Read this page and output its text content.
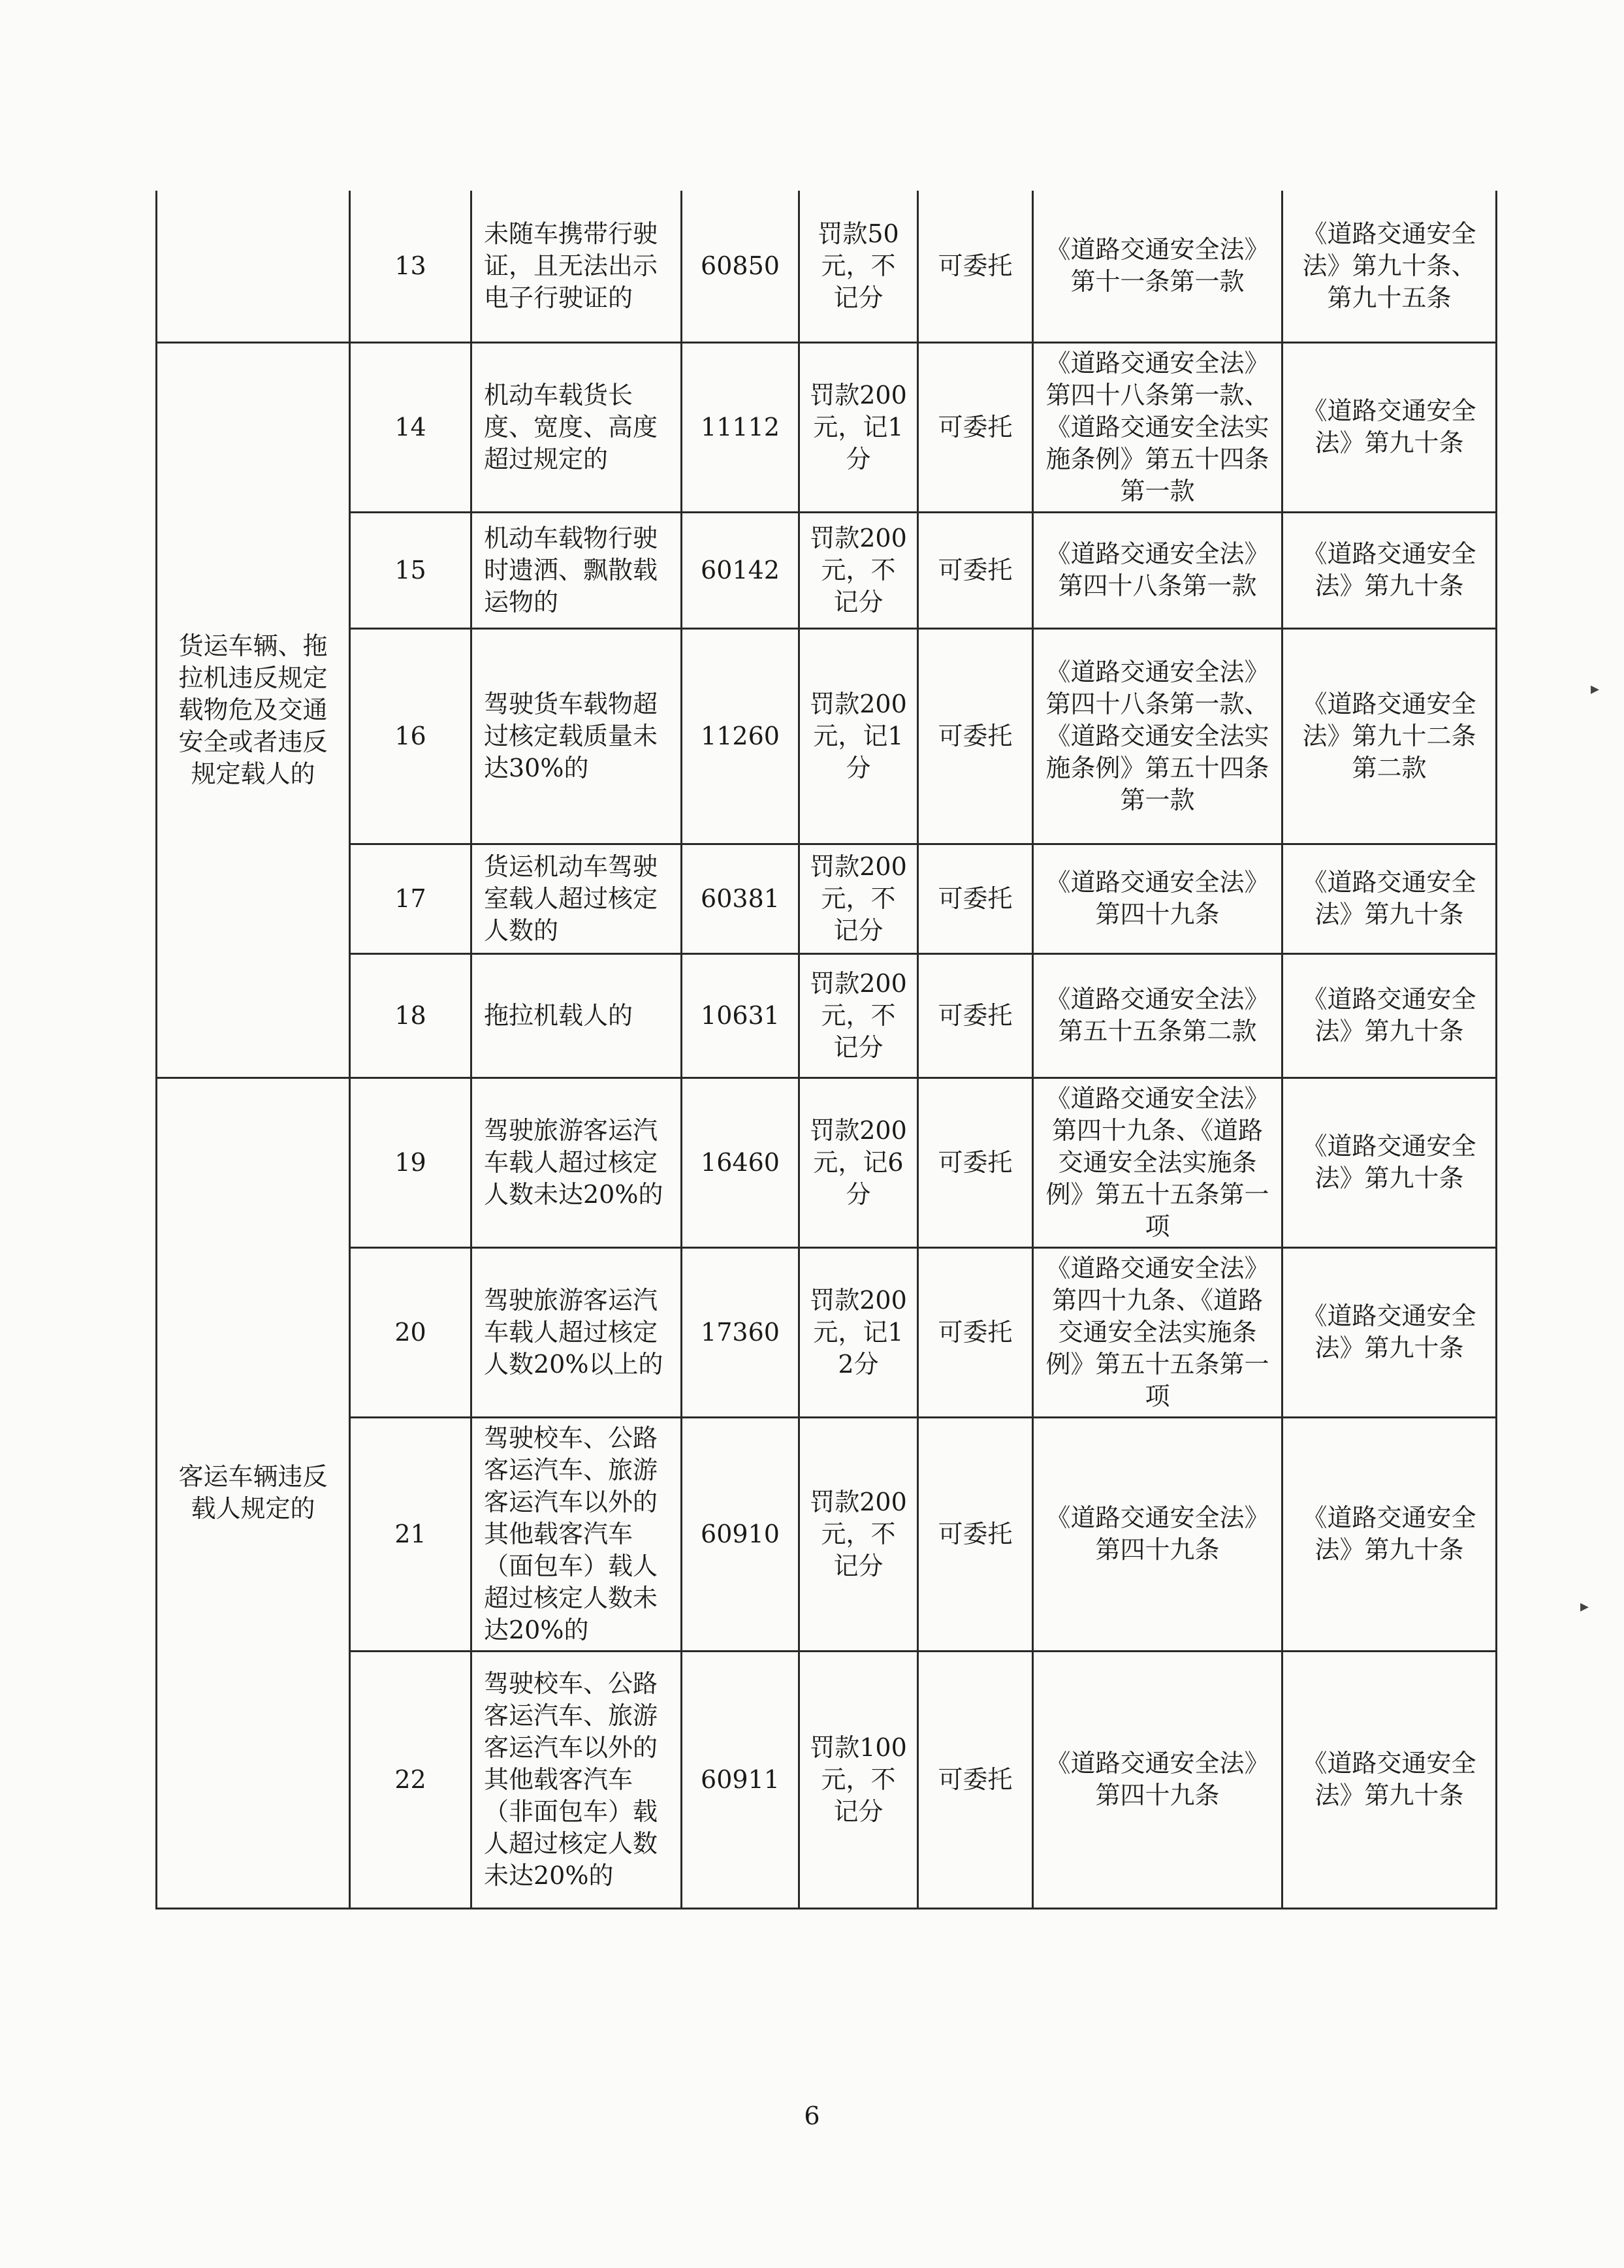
	13	未随车携带行驶证，且无法出示电子行驶证的	60850	罚款50元，不记分	可委托	《道路交通安全法》第十一条第一款	《道路交通安全法》第九十条、第九十五条
货运车辆、拖拉机违反规定载物危及交通安全或者违反规定载人的	14	机动车载货长度、宽度、高度超过规定的	11112	罚款200元，记1分	可委托	《道路交通安全法》第四十八条第一款、《道路交通安全法实施条例》第五十四条第一款	《道路交通安全法》第九十条
	15	机动车载物行驶时遗洒、飘散载运物的	60142	罚款200元，不记分	可委托	《道路交通安全法》第四十八条第一款	《道路交通安全法》第九十条
	16	驾驶货车载物超过核定载质量未达30%的	11260	罚款200元，记1分	可委托	《道路交通安全法》第四十八条第一款、《道路交通安全法实施条例》第五十四条第一款	《道路交通安全法》第九十二条第二款
	17	货运机动车驾驶室载人超过核定人数的	60381	罚款200元，不记分	可委托	《道路交通安全法》第四十九条	《道路交通安全法》第九十条
	18	拖拉机载人的	10631	罚款200元，不记分	可委托	《道路交通安全法》第五十五条第二款	《道路交通安全法》第九十条
客运车辆违反载人规定的	19	驾驶旅游客运汽车载人超过核定人数未达20%的	16460	罚款200元，记6分	可委托	《道路交通安全法》第四十九条、《道路交通安全法实施条例》第五十五条第一项	《道路交通安全法》第九十条
	20	驾驶旅游客运汽车载人超过核定人数20%以上的	17360	罚款200元，记12分	可委托	《道路交通安全法》第四十九条、《道路交通安全法实施条例》第五十五条第一项	《道路交通安全法》第九十条
	21	驾驶校车、公路客运汽车、旅游客运汽车以外的其他载客汽车（面包车）载人超过核定人数未达20%的	60910	罚款200元，不记分	可委托	《道路交通安全法》第四十九条	《道路交通安全法》第九十条
	22	驾驶校车、公路客运汽车、旅游客运汽车以外的其他载客汽车（非面包车）载人超过核定人数未达20%的	60911	罚款100元，不记分	可委托	《道路交通安全法》第四十九条	《道路交通安全法》第九十条
6
▸
▸
